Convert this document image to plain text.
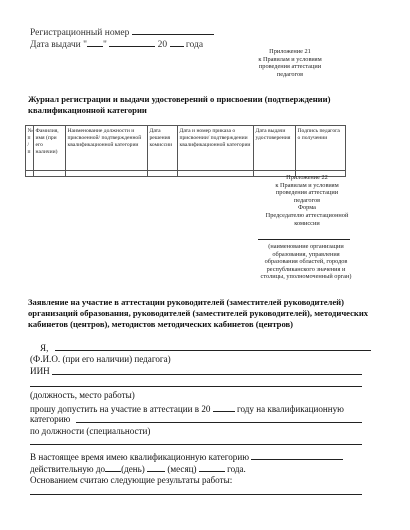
Регистрационный номер
Дата выдачи " "	20 года
Приложение 21
к Правилам и условиям
проведения аттестации
педагогов
Журнал регистрации и выдачи удостоверений о присвоении (подтверждении) квалификационной категории
№ п/п	Фамилия, имя (при его наличии)	Наименование должности и присвоенной/ подтвержденной квалификационной категории	Дата решения комиссии	Дата и номер приказа о присвоении/ подтверждении квалификационной категории	Дата выдачи удостоверения	Подпись педагога о получении

Приложение 22
к Правилам и условиям
проведения аттестации
педагогов
Форма
Председателю аттестационной
комиссии
(наименование организации
образования, управления
образования областей, городов
республиканского значения и
столицы, уполномоченный орган)
Заявление на участие в аттестации руководителей (заместителей руководителей) организаций образования, руководителей (заместителей руководителей), методических кабинетов (центров), методистов методических кабинетов (центров)
Я,
(Ф.И.О. (при его наличии) педагога)
ИИН
(должность, место работы)
прошу допустить на участие в аттестации в 20	году на квалификационную
категорию
по должности (специальности)
В настоящее время имею квалификационную категорию
действительную до (день) (месяц)	года.
Основанием считаю следующие результаты работы:
